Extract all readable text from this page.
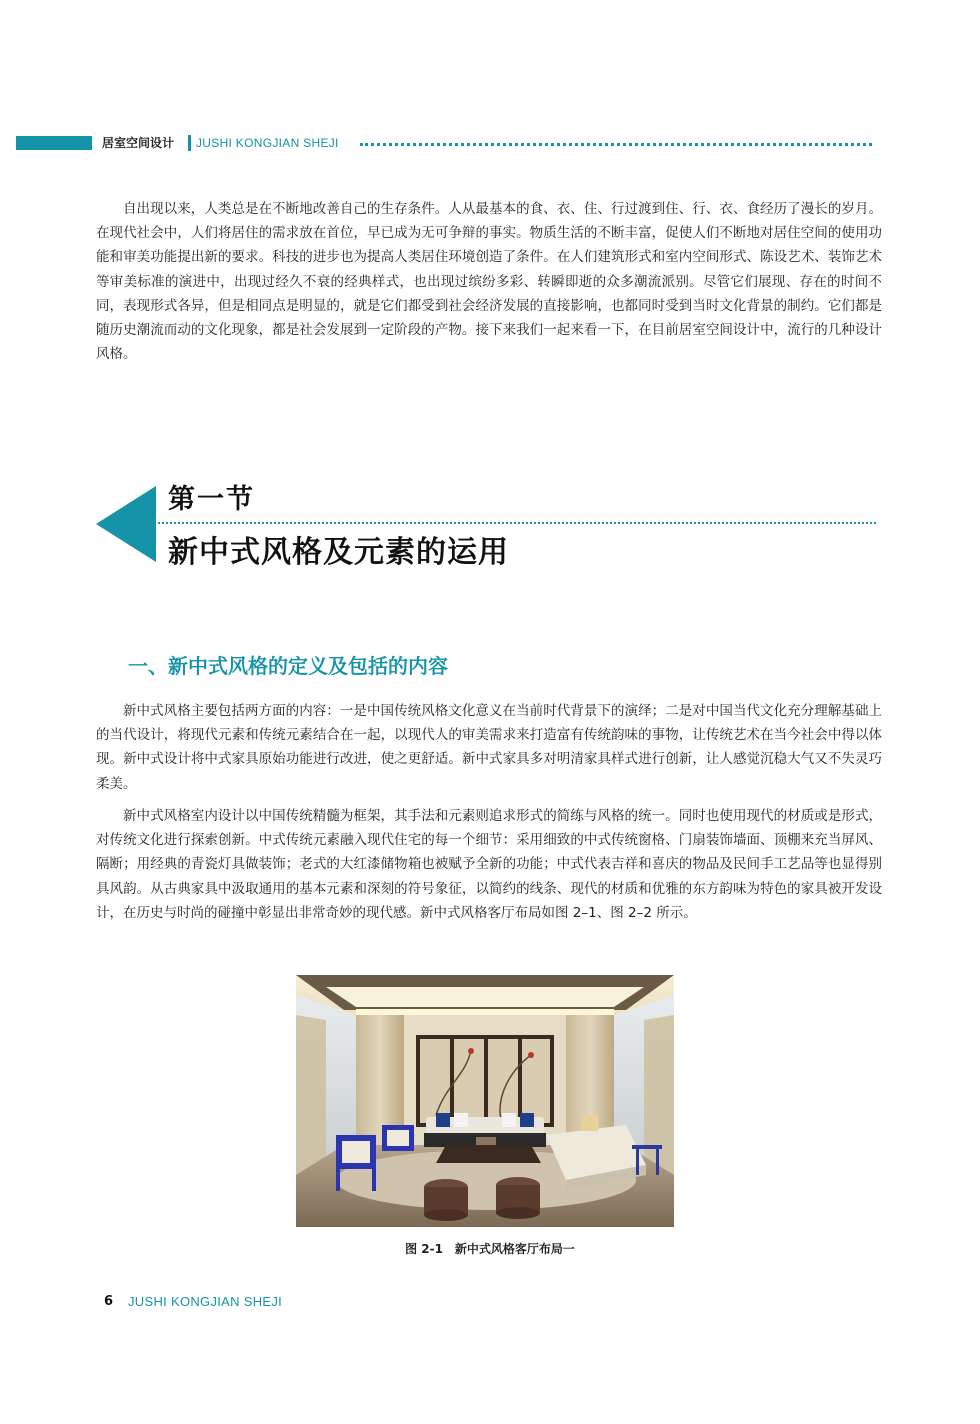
居室空间设计 JUSHI KONGJIAN SHEJI

自出现以来，人类总是在不断地改善自己的生存条件。人从最基本的食、衣、住、行过渡到住、行、衣、食经历了漫长的岁月。在现代社会中，人们将居住的需求放在首位，早已成为无可争辩的事实。物质生活的不断丰富，促使人们不断地对居住空间的使用功能和审美功能提出新的要求。科技的进步也为提高人类居住环境创造了条件。在人们建筑形式和室内空间形式、陈设艺术、装饰艺术等审美标准的演进中，出现过经久不衰的经典样式，也出现过缤纷多彩、转瞬即逝的众多潮流派别。尽管它们展现、存在的时间不同，表现形式各异，但是相同点是明显的，就是它们都受到社会经济发展的直接影响，也都同时受到当时文化背景的制约。它们都是随历史潮流而动的文化现象，都是社会发展到一定阶段的产物。接下来我们一起来看一下，在目前居室空间设计中，流行的几种设计风格。

第一节
新中式风格及元素的运用
一、新中式风格的定义及包括的内容

新中式风格主要包括两方面的内容：一是中国传统风格文化意义在当前时代背景下的演绎；二是对中国当代文化充分理解基础上的当代设计，将现代元素和传统元素结合在一起，以现代人的审美需求来打造富有传统韵味的事物，让传统艺术在当今社会中得以体现。新中式设计将中式家具原始功能进行改进，使之更舒适。新中式家具多对明清家具样式进行创新，让人感觉沉稳大气又不失灵巧柔美。

新中式风格室内设计以中国传统精髓为框架，其手法和元素则追求形式的简练与风格的统一。同时也使用现代的材质或是形式，对传统文化进行探索创新。中式传统元素融入现代住宅的每一个细节：采用细致的中式传统窗格、门扇装饰墙面、顶棚来充当屏风、隔断；用经典的青瓷灯具做装饰；老式的大红漆储物箱也被赋予全新的功能；中式代表吉祥和喜庆的物品及民间手工艺品等也显得别具风韵。从古典家具中汲取通用的基本元素和深刻的符号象征，以简约的线条、现代的材质和优雅的东方韵味为特色的家具被开发设计，在历史与时尚的碰撞中彰显出非常奇妙的现代感。新中式风格客厅布局如图 2–1、图 2–2 所示。

图 2-1　新中式风格客厅布局一
6 JUSHI KONGJIAN SHEJI
